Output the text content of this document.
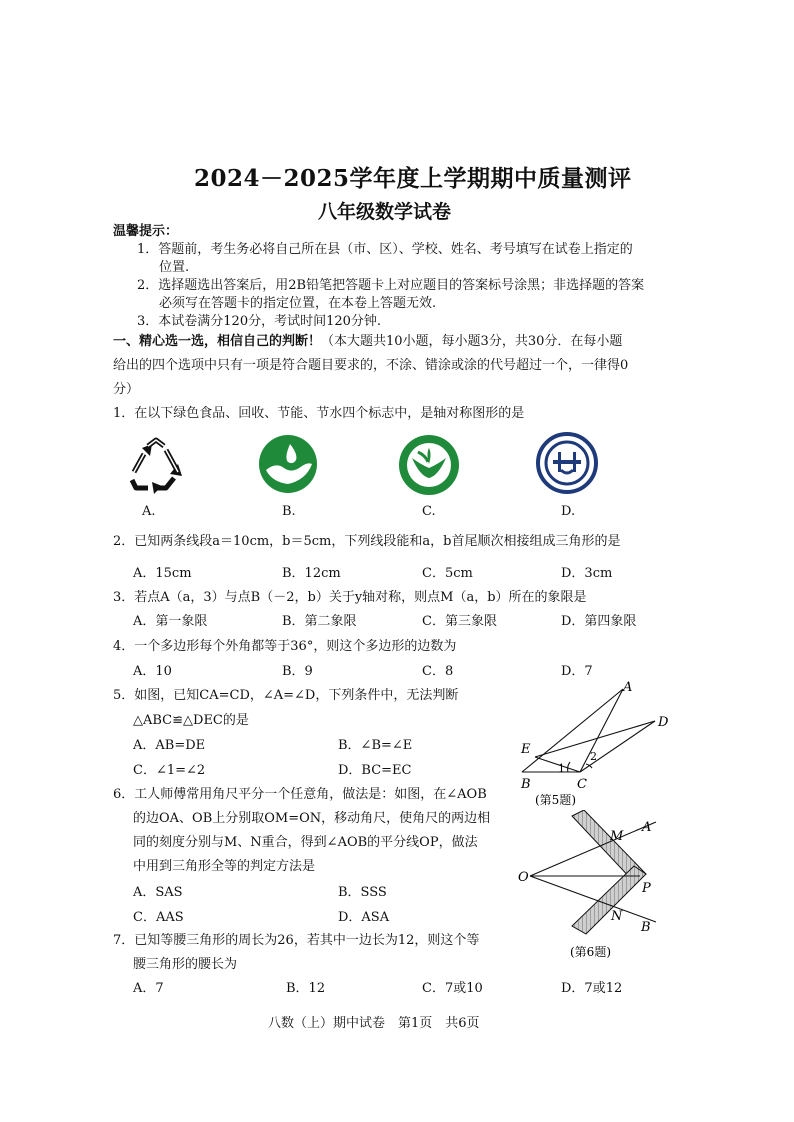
2024－2025学年度上学期期中质量测评
八年级数学试卷
温馨提示：
1．答题前，考生务必将自己所在县（市、区）、学校、姓名、考号填写在试卷上指定的
位置.
2．选择题选出答案后，用2B铅笔把答题卡上对应题目的答案标号涂黑；非选择题的答案
必须写在答题卡的指定位置，在本卷上答题无效.
3．本试卷满分120分，考试时间120分钟.
一、精心选一选，相信自己的判断！（本大题共10小题，每小题3分，共30分．在每小题
给出的四个选项中只有一项是符合题目要求的，不涂、错涂或涂的代号超过一个，一律得0
分）
1．在以下绿色食品、回收、节能、节水四个标志中，是轴对称图形的是
A.	B.	C.	D.
2．已知两条线段a＝10cm，b＝5cm，下列线段能和a，b首尾顺次相接组成三角形的是
A．15cm	B．12cm	C．5cm	D．3cm
3．若点A（a，3）与点B（－2，b）关于y轴对称，则点M（a，b）所在的象限是
A．第一象限	B．第二象限	C．第三象限	D．第四象限
4．一个多边形每个外角都等于36°，则这个多边形的边数为
A．10	B．9	C．8	D．7
5．如图，已知CA=CD，∠A=∠D，下列条件中，无法判断
△ABC≌△DEC的是
A．AB=DE	B．∠B=∠E
C．∠1=∠2	D．BC=EC
A
D
E
B	C
1
2
(第5题)
6．工人师傅常用角尺平分一个任意角，做法是：如图，在∠AOB
的边OA、OB上分别取OM=ON，移动角尺，使角尺的两边相
同的刻度分别与M、N重合，得到∠AOB的平分线OP，做法
中用到三角形全等的判定方法是
A．SAS	B．SSS
C．AAS	D．ASA
O
M
A
P
N
B
(第6题)
7．已知等腰三角形的周长为26，若其中一边长为12，则这个等
腰三角形的腰长为
A．7	B．12	C．7或10	D．7或12
八数（上）期中试卷　第1页　共6页
